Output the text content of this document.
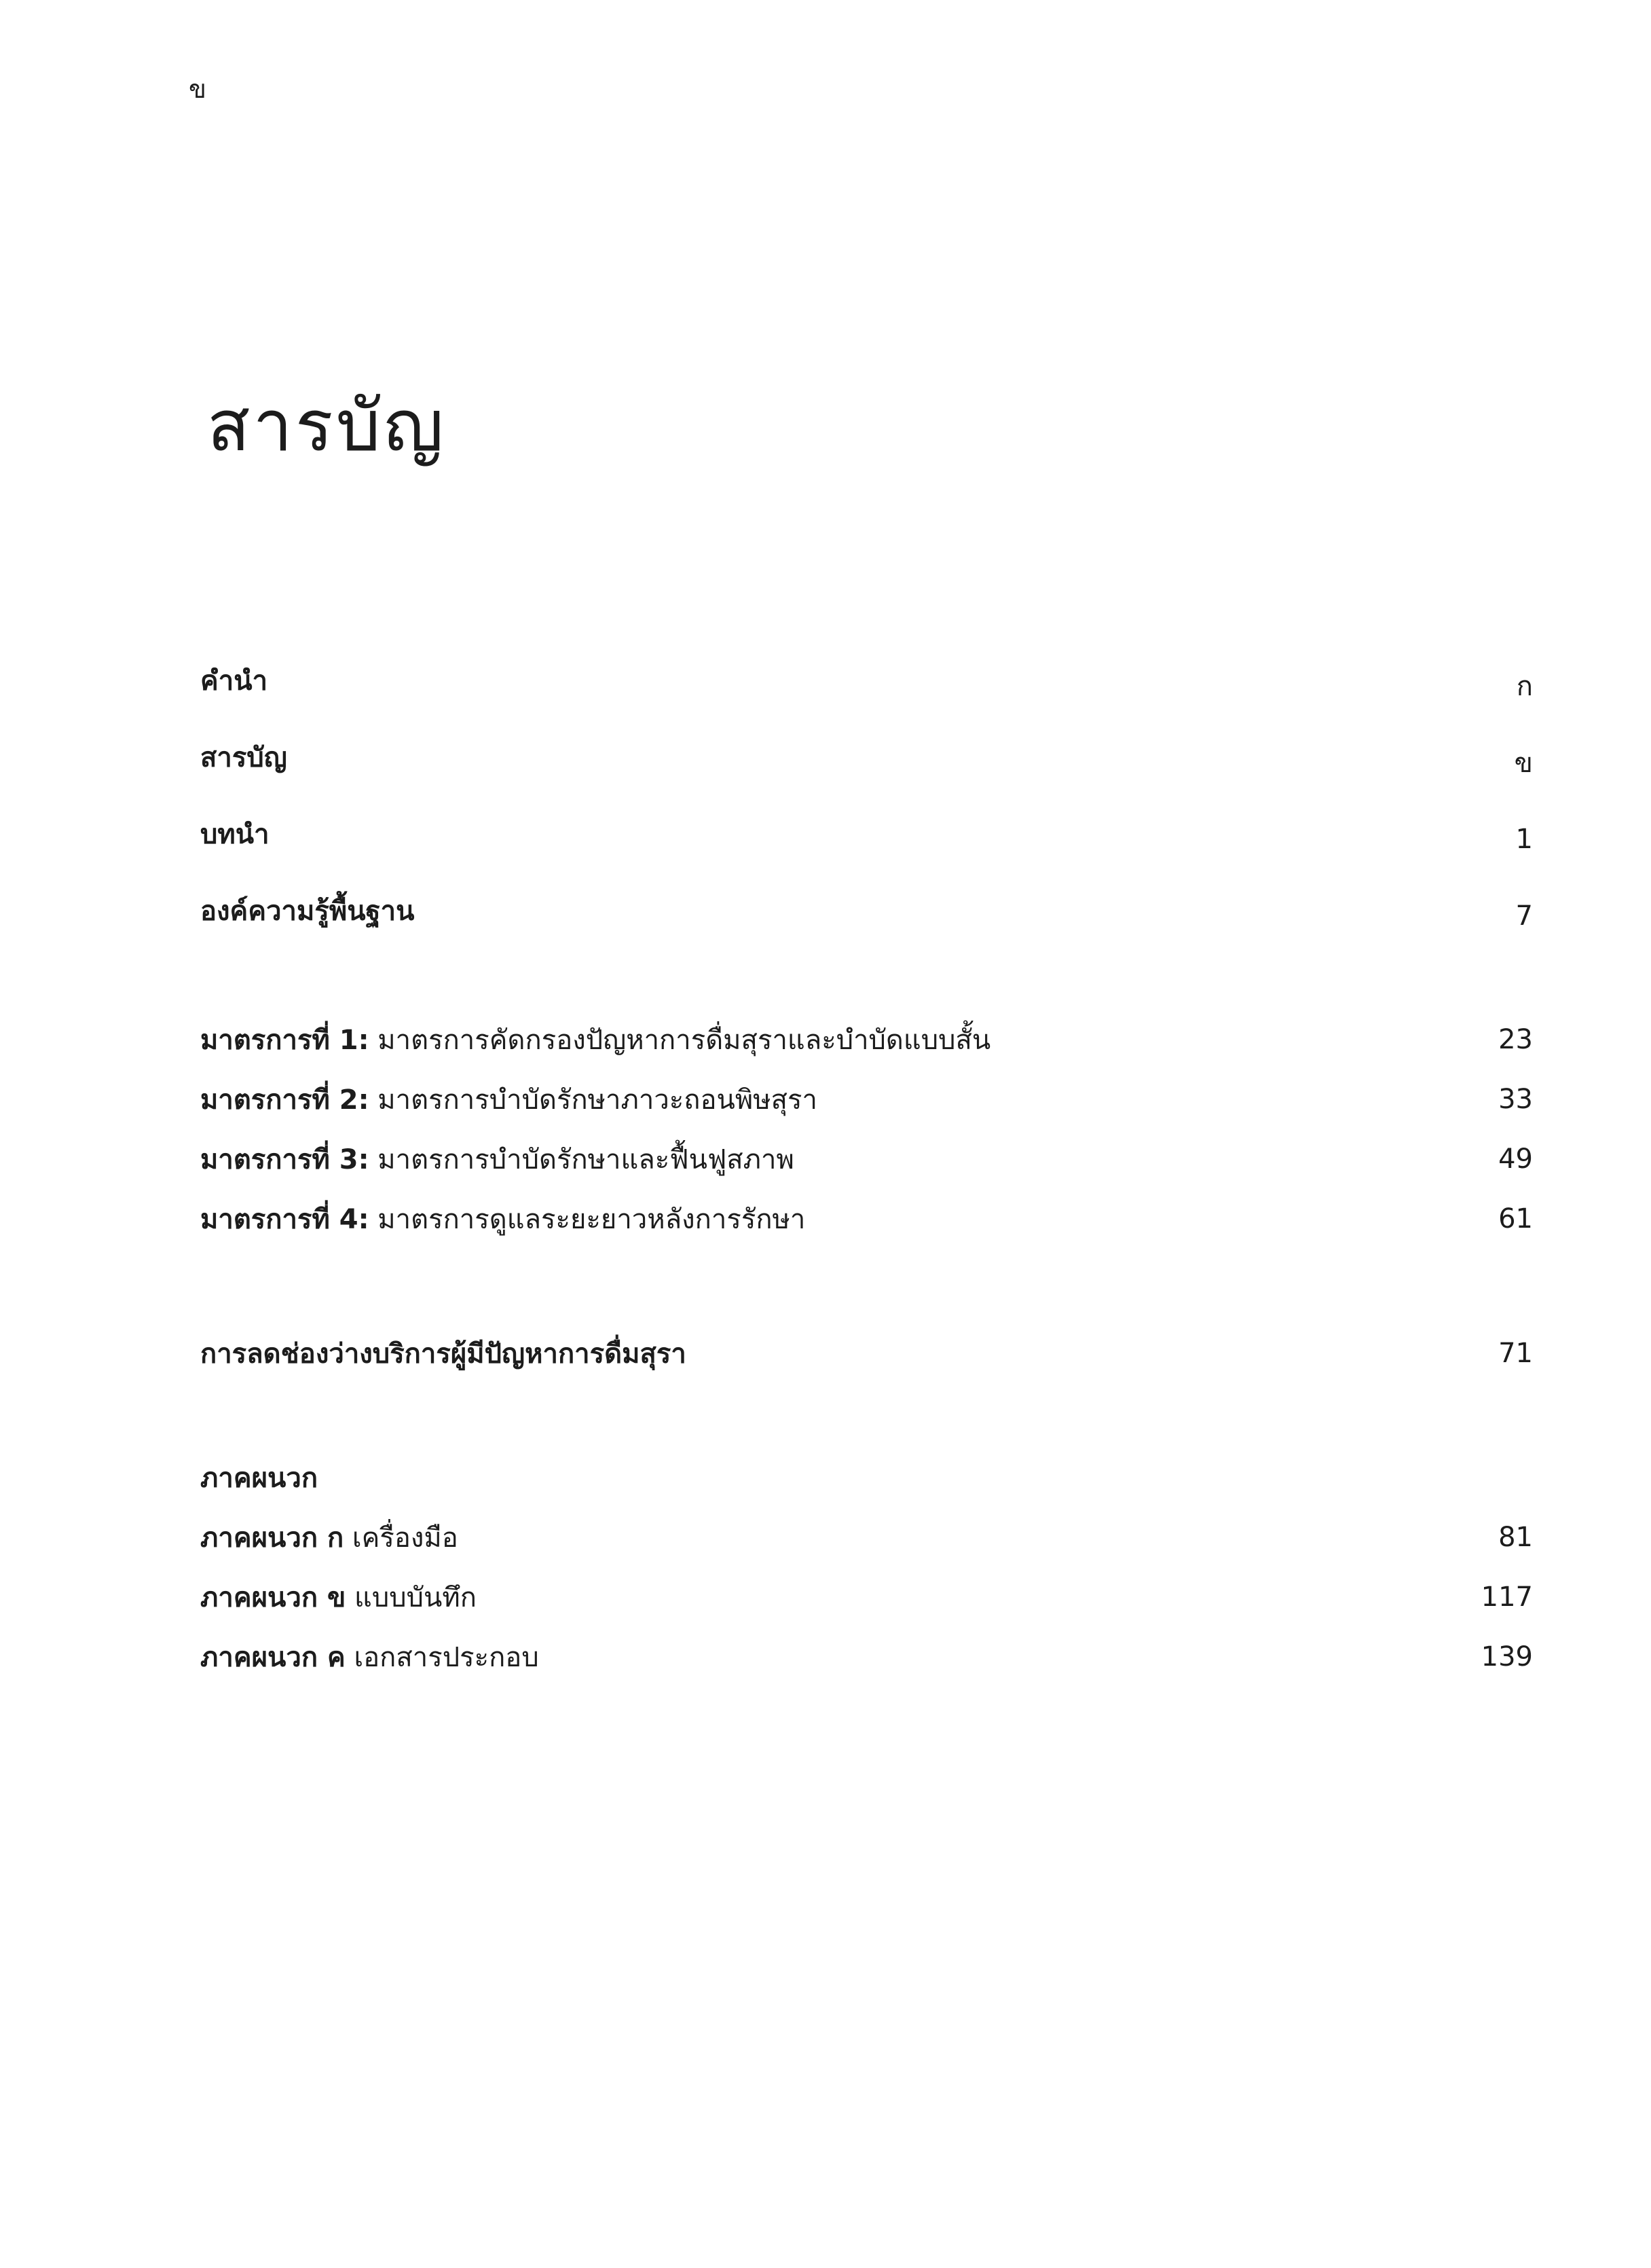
ข
สารบัญ
คำนำ	ก
สารบัญ	ข
บทนำ	1
องค์ความรู้พื้นฐาน	7
มาตรการที่ 1: มาตรการคัดกรองปัญหาการดื่มสุราและบำบัดแบบสั้น	23
มาตรการที่ 2: มาตรการบำบัดรักษาภาวะถอนพิษสุรา	33
มาตรการที่ 3: มาตรการบำบัดรักษาและฟื้นฟูสภาพ	49
มาตรการที่ 4: มาตรการดูแลระยะยาวหลังการรักษา	61
การลดช่องว่างบริการผู้มีปัญหาการดื่มสุรา	71
ภาคผนวก
ภาคผนวก ก เครื่องมือ	81
ภาคผนวก ข แบบบันทึก	117
ภาคผนวก ค เอกสารประกอบ	139
